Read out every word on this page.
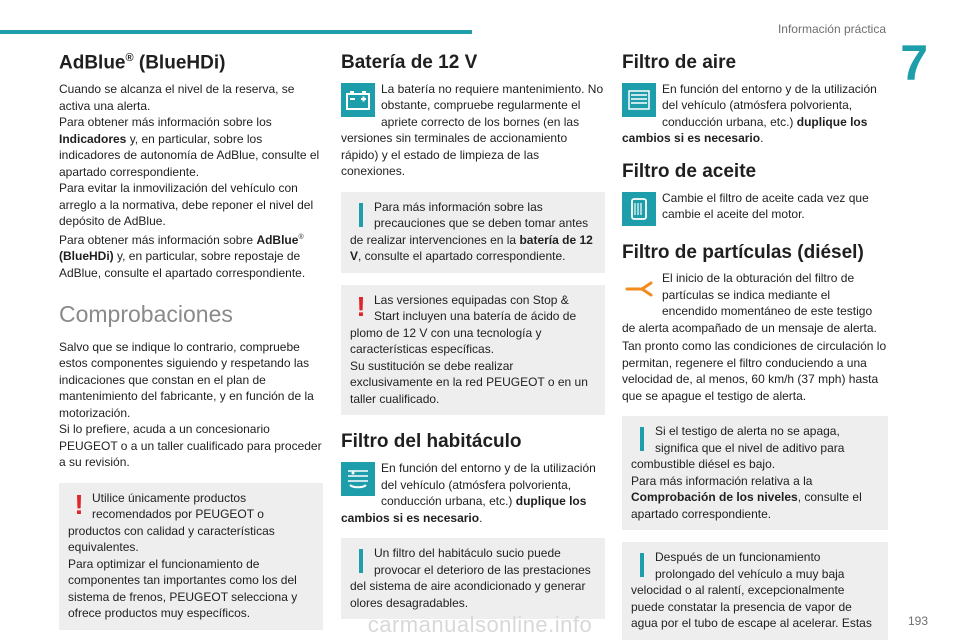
Información práctica
7
AdBlue® (BlueHDi)

Cuando se alcanza el nivel de la reserva, se activa una alerta.

Para obtener más información sobre los Indicadores y, en particular, sobre los indicadores de autonomía de AdBlue, consulte el apartado correspondiente.

Para evitar la inmovilización del vehículo con arreglo a la normativa, debe reponer el nivel del depósito de AdBlue.

Para obtener más información sobre AdBlue® (BlueHDi) y, en particular, sobre repostaje de AdBlue, consulte el apartado correspondiente.

Comprobaciones

Salvo que se indique lo contrario, compruebe estos componentes siguiendo y respetando las indicaciones que constan en el plan de mantenimiento del fabricante, y en función de la motorización.

Si lo prefiere, acuda a un concesionario PEUGEOT o a un taller cualificado para proceder a su revisión.

! Utilice únicamente productos recomendados por PEUGEOT o productos con calidad y características equivalentes.

Para optimizar el funcionamiento de componentes tan importantes como los del sistema de frenos, PEUGEOT selecciona y ofrece productos muy específicos.

Batería de 12 V

La batería no requiere mantenimiento. No obstante, compruebe regularmente el apriete correcto de los bornes (en las versiones sin terminales de accionamiento rápido) y el estado de limpieza de las conexiones.

Para más información sobre las precauciones que se deben tomar antes de realizar intervenciones en la batería de 12 V, consulte el apartado correspondiente.

! Las versiones equipadas con Stop & Start incluyen una batería de ácido de plomo de 12 V con una tecnología y características específicas.

Su sustitución se debe realizar exclusivamente en la red PEUGEOT o en un taller cualificado.

Filtro del habitáculo

En función del entorno y de la utilización del vehículo (atmósfera polvorienta, conducción urbana, etc.) duplique los cambios si es necesario.

Un filtro del habitáculo sucio puede provocar el deterioro de las prestaciones del sistema de aire acondicionado y generar olores desagradables.

Filtro de aire

En función del entorno y de la utilización del vehículo (atmósfera polvorienta, conducción urbana, etc.) duplique los cambios si es necesario.

Filtro de aceite

Cambie el filtro de aceite cada vez que cambie el aceite del motor.

Filtro de partículas (diésel)

El inicio de la obturación del filtro de partículas se indica mediante el encendido momentáneo de este testigo de alerta acompañado de un mensaje de alerta.

Tan pronto como las condiciones de circulación lo permitan, regenere el filtro conduciendo a una velocidad de, al menos, 60 km/h (37 mph) hasta que se apague el testigo de alerta.

Si el testigo de alerta no se apaga, significa que el nivel de aditivo para combustible diésel es bajo.

Para más información relativa a la Comprobación de los niveles, consulte el apartado correspondiente.

Después de un funcionamiento prolongado del vehículo a muy baja velocidad o al ralentí, excepcionalmente puede constatar la presencia de vapor de agua por el tubo de escape al acelerar. Estas	193
carmanualsonline.info
